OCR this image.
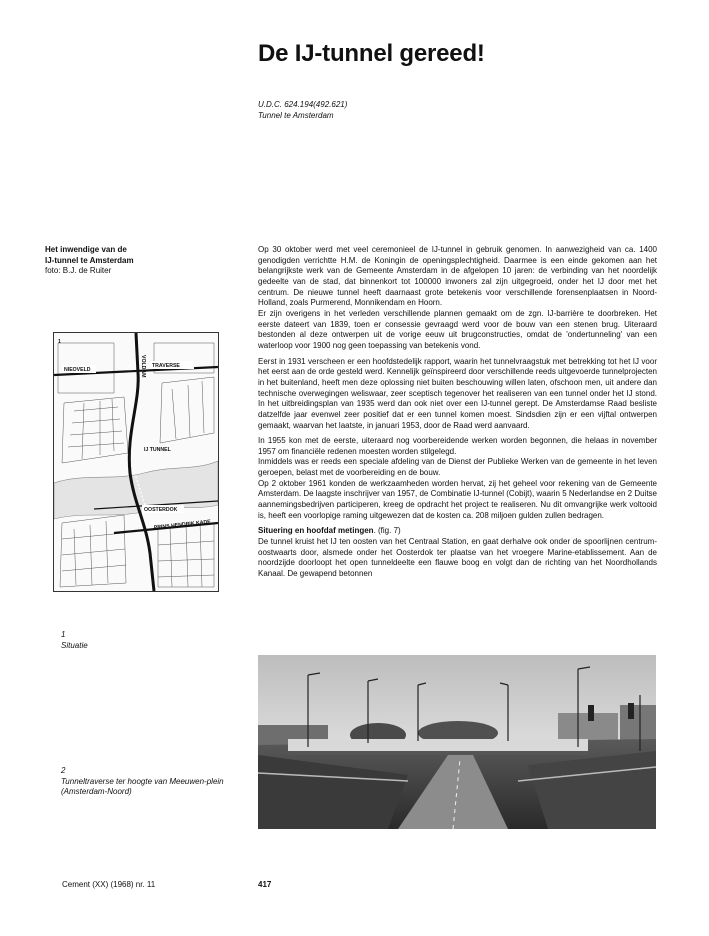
De IJ-tunnel gereed!
U.D.C. 624.194(492.621)
Tunnel te Amsterdam
Het inwendige van de
IJ-tunnel te Amsterdam
foto: B.J. de Ruiter

Op 30 oktober werd met veel ceremonieel de IJ-tunnel in gebruik genomen. In aanwezigheid van ca. 1400 genodigden verrichtte H.M. de Koningin de openingsplechtigheid. Daarmee is een einde gekomen aan het belangrijkste werk van de Gemeente Amsterdam in de afgelopen 10 jaren: de verbinding van het noordelijk gedeelte van de stad, dat binnenkort tot 100000 inwoners zal zijn uitgegroeid, onder het IJ door met het centrum. De nieuwe tunnel heeft daarnaast grote betekenis voor verschillende forensenplaatsen in Noord-Holland, zoals Purmerend, Monnikendam en Hoorn.

Er zijn overigens in het verleden verschillende plannen gemaakt om de zgn. IJ-barrière te doorbreken. Het eerste dateert van 1839, toen er consessie gevraagd werd voor de bouw van een stenen brug. Uiteraard bestonden al deze ontwerpen uit de vorige eeuw uit brugconstructies, omdat de 'ondertunneling' van een waterloop voor 1900 nog geen toepassing van betekenis vond.

Eerst in 1931 verscheen er een hoofdstedelijk rapport, waarin het tunnelvraagstuk met betrekking tot het IJ voor het eerst aan de orde gesteld werd. Kennelijk geïnspireerd door verschillende reeds uitgevoerde tunnelprojecten in het buitenland, heeft men deze oplossing niet buiten beschouwing willen laten, ofschoon men, uit andere dan technische overwegingen weliswaar, zeer sceptisch tegenover het realiseren van een tunnel onder het IJ stond. In het uitbreidingsplan van 1935 werd dan ook niet over een IJ-tunnel gerept. De Amsterdamse Raad besliste datzelfde jaar evenwel zeer positief dat er een tunnel komen moest. Sindsdien zijn er een vijftal ontwerpen gemaakt, waarvan het laatste, in januari 1953, door de Raad werd aanvaard.

In 1955 kon met de eerste, uiteraard nog voorbereidende werken worden begonnen, die helaas in november 1957 om financiële redenen moesten worden stilgelegd.

Inmiddels was er reeds een speciale afdeling van de Dienst der Publieke Werken van de gemeente in het leven geroepen, belast met de voorbereiding en de bouw.

Op 2 oktober 1961 konden de werkzaamheden worden hervat, zij het geheel voor rekening van de Gemeente Amsterdam. De laagste inschrijver van 1957, de Combinatie IJ-tunnel (Cobijt), waarin 5 Nederlandse en 2 Duitse aannemingsbedrijven participeren, kreeg de opdracht het project te realiseren. Nu dit omvangrijke werk voltooid is, heeft een voorlopige raming uitgewezen dat de kosten ca. 208 miljoen gulden zullen bedragen.

Situering en hoofdaf metingen. (fig. 7)

De tunnel kruist het IJ ten oosten van het Centraal Station, en gaat derhalve ook onder de spoorlijnen centrum-oostwaarts door, alsmede onder het Oosterdok ter plaatse van het vroegere Marine-etablissement. Aan de noordzijde doorloopt het open tunneldeelte een flauwe boog en volgt dan de richting van het Noordhollands Kanaal. De gewapend betonnen

VOLDAM
NIEOVELD
TRAVERSE
IJ TUNNEL
OOSTERDOK
PRINS HENDRIK KADE
1
1
Situatie
2
Tunneltraverse ter hoogte van Meeuwen-plein (Amsterdam-Noord)
Cement (XX) (1968) nr. 11	417
